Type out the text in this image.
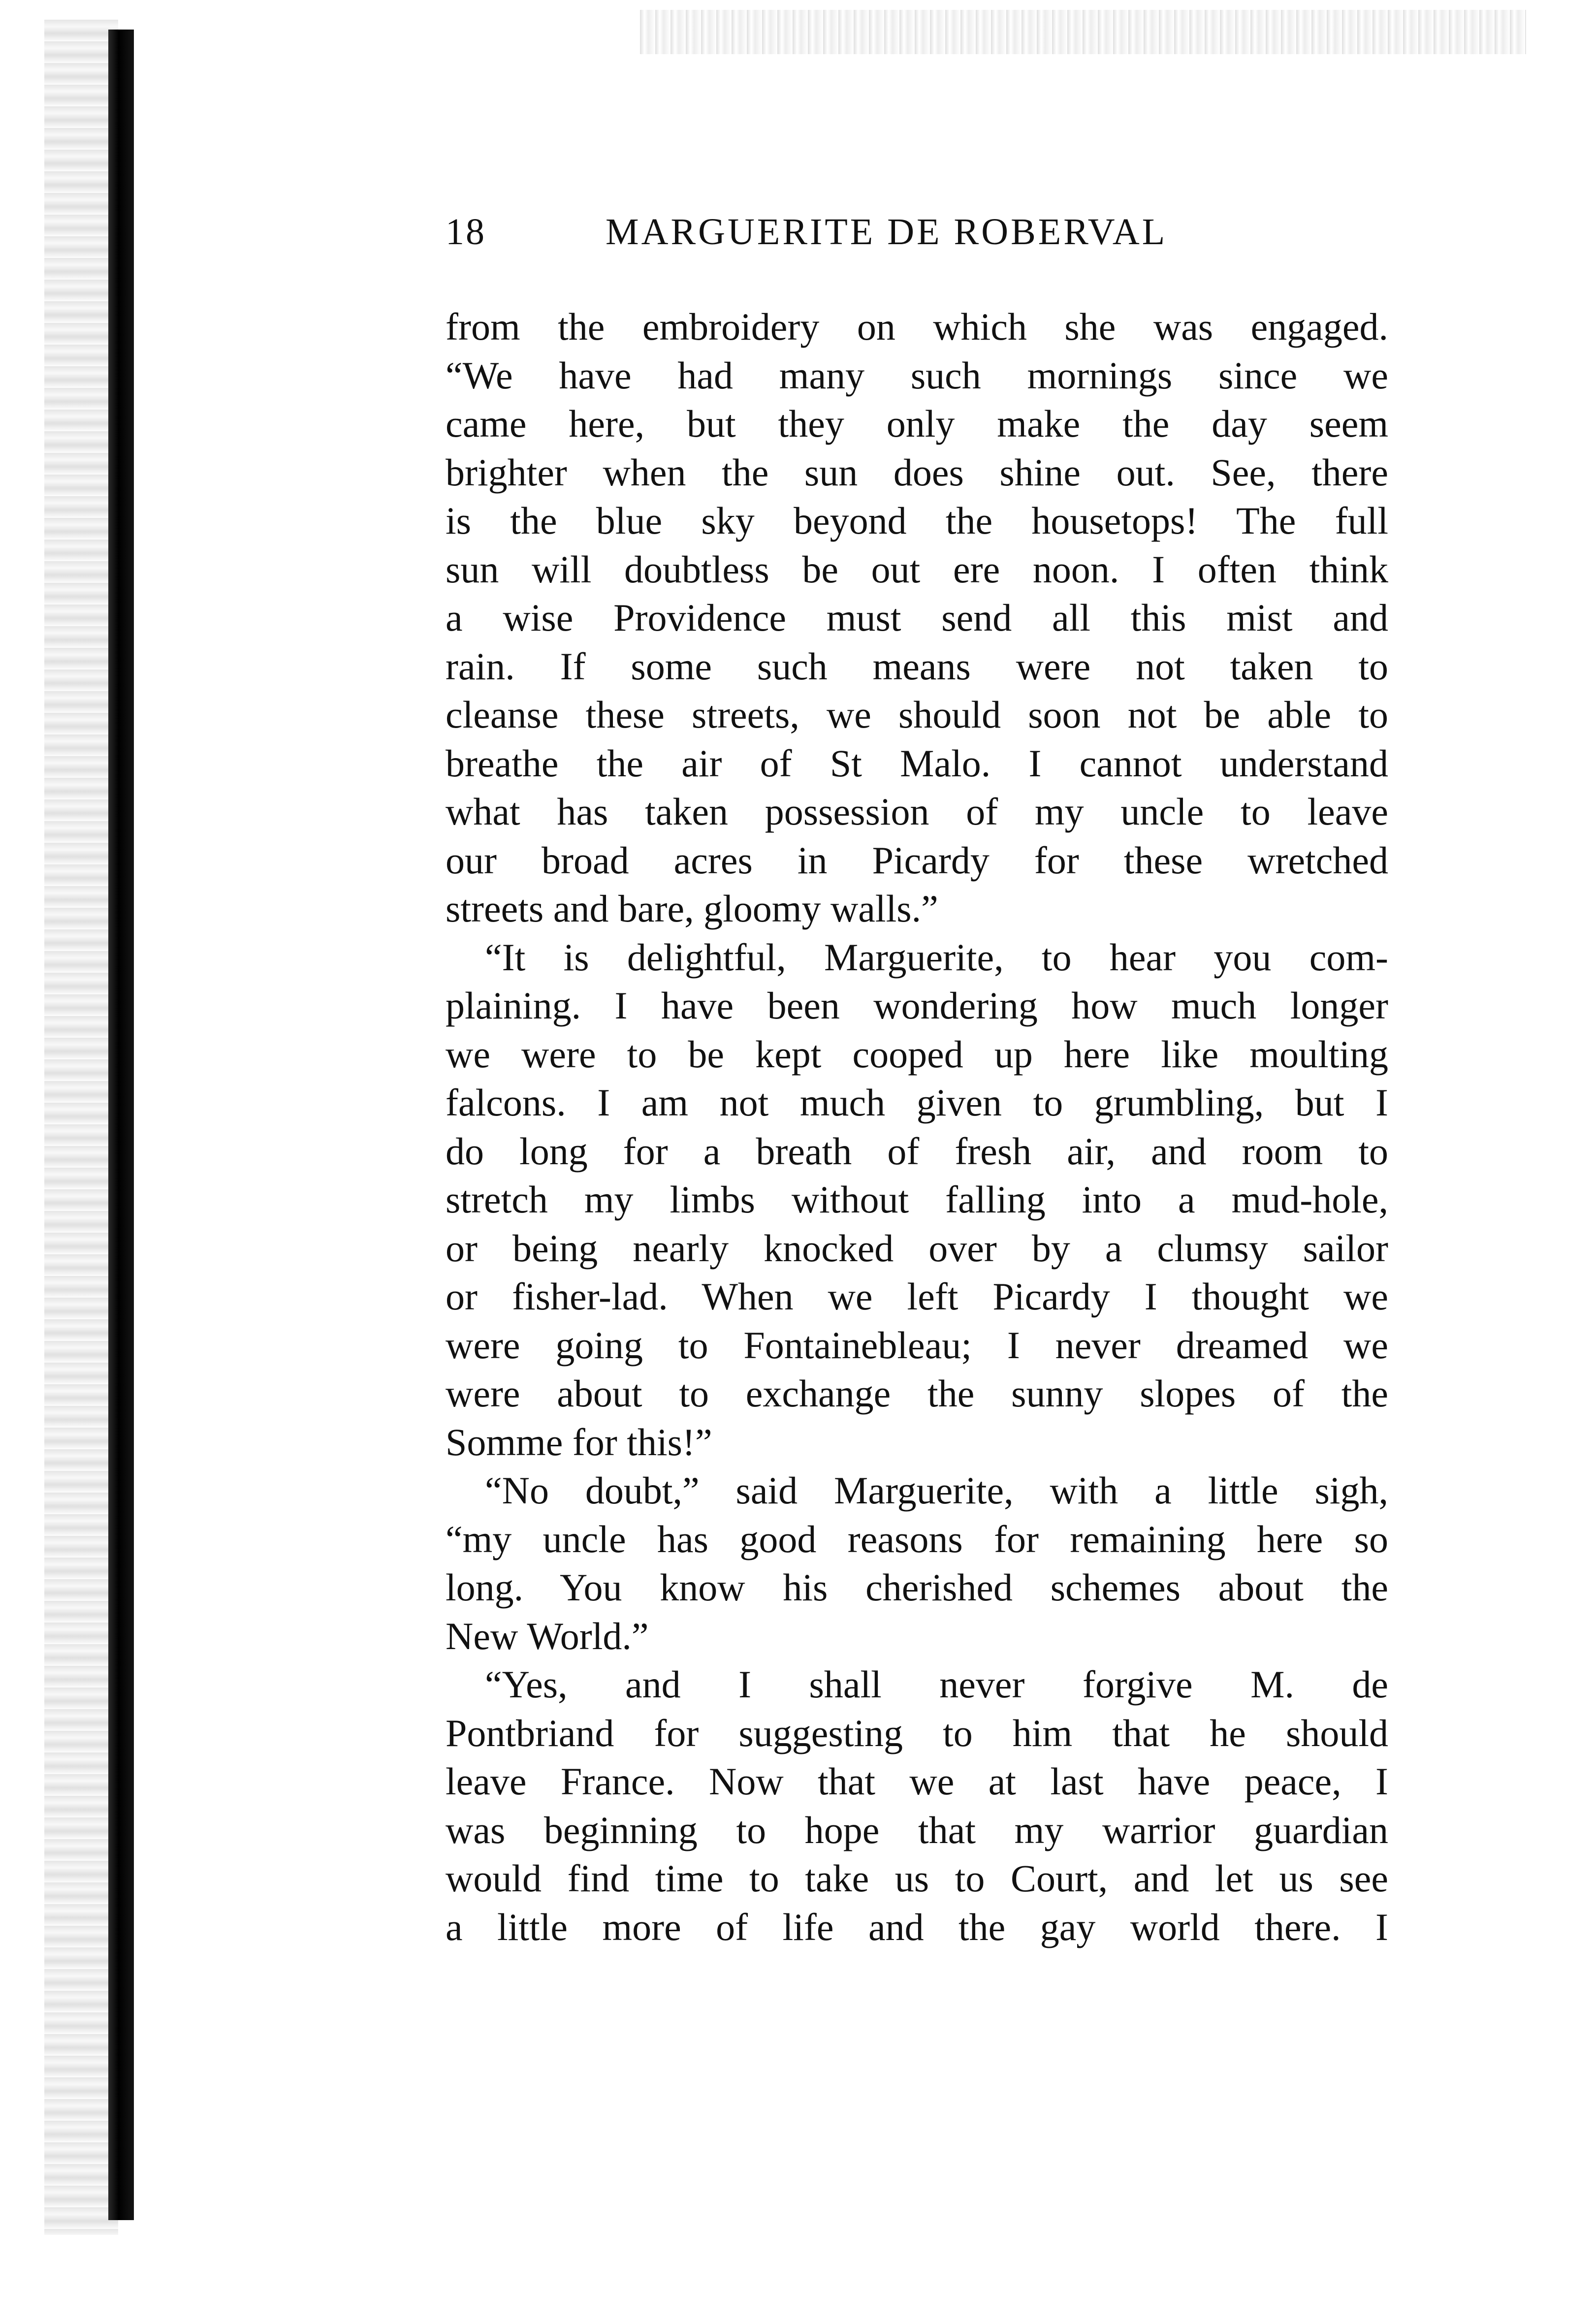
18	MARGUERITE DE ROBERVAL
from the embroidery on which she was engaged.
“We have had many such mornings since we
came here, but they only make the day seem
brighter when the sun does shine out. See, there
is the blue sky beyond the housetops! The full
sun will doubtless be out ere noon. I often think
a wise Providence must send all this mist and
rain. If some such means were not taken to
cleanse these streets, we should soon not be able to
breathe the air of St Malo. I cannot understand
what has taken possession of my uncle to leave
our broad acres in Picardy for these wretched
streets and bare, gloomy walls.”
“It is delightful, Marguerite, to hear you com-
plaining. I have been wondering how much longer
we were to be kept cooped up here like moulting
falcons. I am not much given to grumbling, but I
do long for a breath of fresh air, and room to
stretch my limbs without falling into a mud-hole,
or being nearly knocked over by a clumsy sailor
or fisher-lad. When we left Picardy I thought we
were going to Fontainebleau; I never dreamed we
were about to exchange the sunny slopes of the
Somme for this!”
“No doubt,” said Marguerite, with a little sigh,
“my uncle has good reasons for remaining here so
long. You know his cherished schemes about the
New World.”
“Yes, and I shall never forgive M. de
Pontbriand for suggesting to him that he should
leave France. Now that we at last have peace, I
was beginning to hope that my warrior guardian
would find time to take us to Court, and let us see
a little more of life and the gay world there. I
